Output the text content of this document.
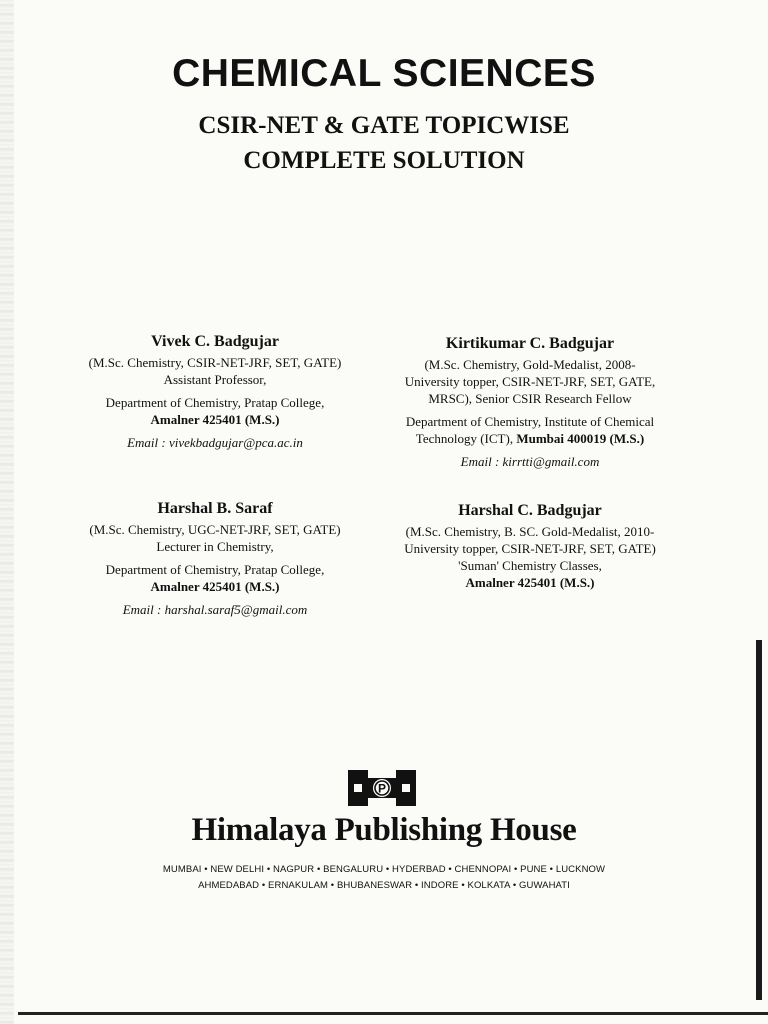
CHEMICAL SCIENCES
CSIR-NET & GATE TOPICWISE
COMPLETE SOLUTION
Vivek C. Badgujar
(M.Sc. Chemistry, CSIR-NET-JRF, SET, GATE)
Assistant Professor,
Department of Chemistry, Pratap College,
Amalner 425401 (M.S.)
Email : vivekbadgujar@pca.ac.in
Kirtikumar C. Badgujar
(M.Sc. Chemistry, Gold-Medalist, 2008-
University topper, CSIR-NET-JRF, SET, GATE,
MRSC), Senior CSIR Research Fellow
Department of Chemistry, Institute of Chemical
Technology (ICT), Mumbai 400019 (M.S.)
Email : kirrtti@gmail.com
Harshal B. Saraf
(M.Sc. Chemistry, UGC-NET-JRF, SET, GATE)
Lecturer in Chemistry,
Department of Chemistry, Pratap College,
Amalner 425401 (M.S.)
Email : harshal.saraf5@gmail.com
Harshal C. Badgujar
(M.Sc. Chemistry, B. SC. Gold-Medalist, 2010-
University topper, CSIR-NET-JRF, SET, GATE)
'Suman' Chemistry Classes,
Amalner 425401 (M.S.)
P
Himalaya Publishing House
MUMBAI • NEW DELHI • NAGPUR • BENGALURU • HYDERBAD • CHENNOPAI • PUNE • LUCKNOW
AHMEDABAD • ERNAKULAM • BHUBANESWAR • INDORE • KOLKATA • GUWAHATI
